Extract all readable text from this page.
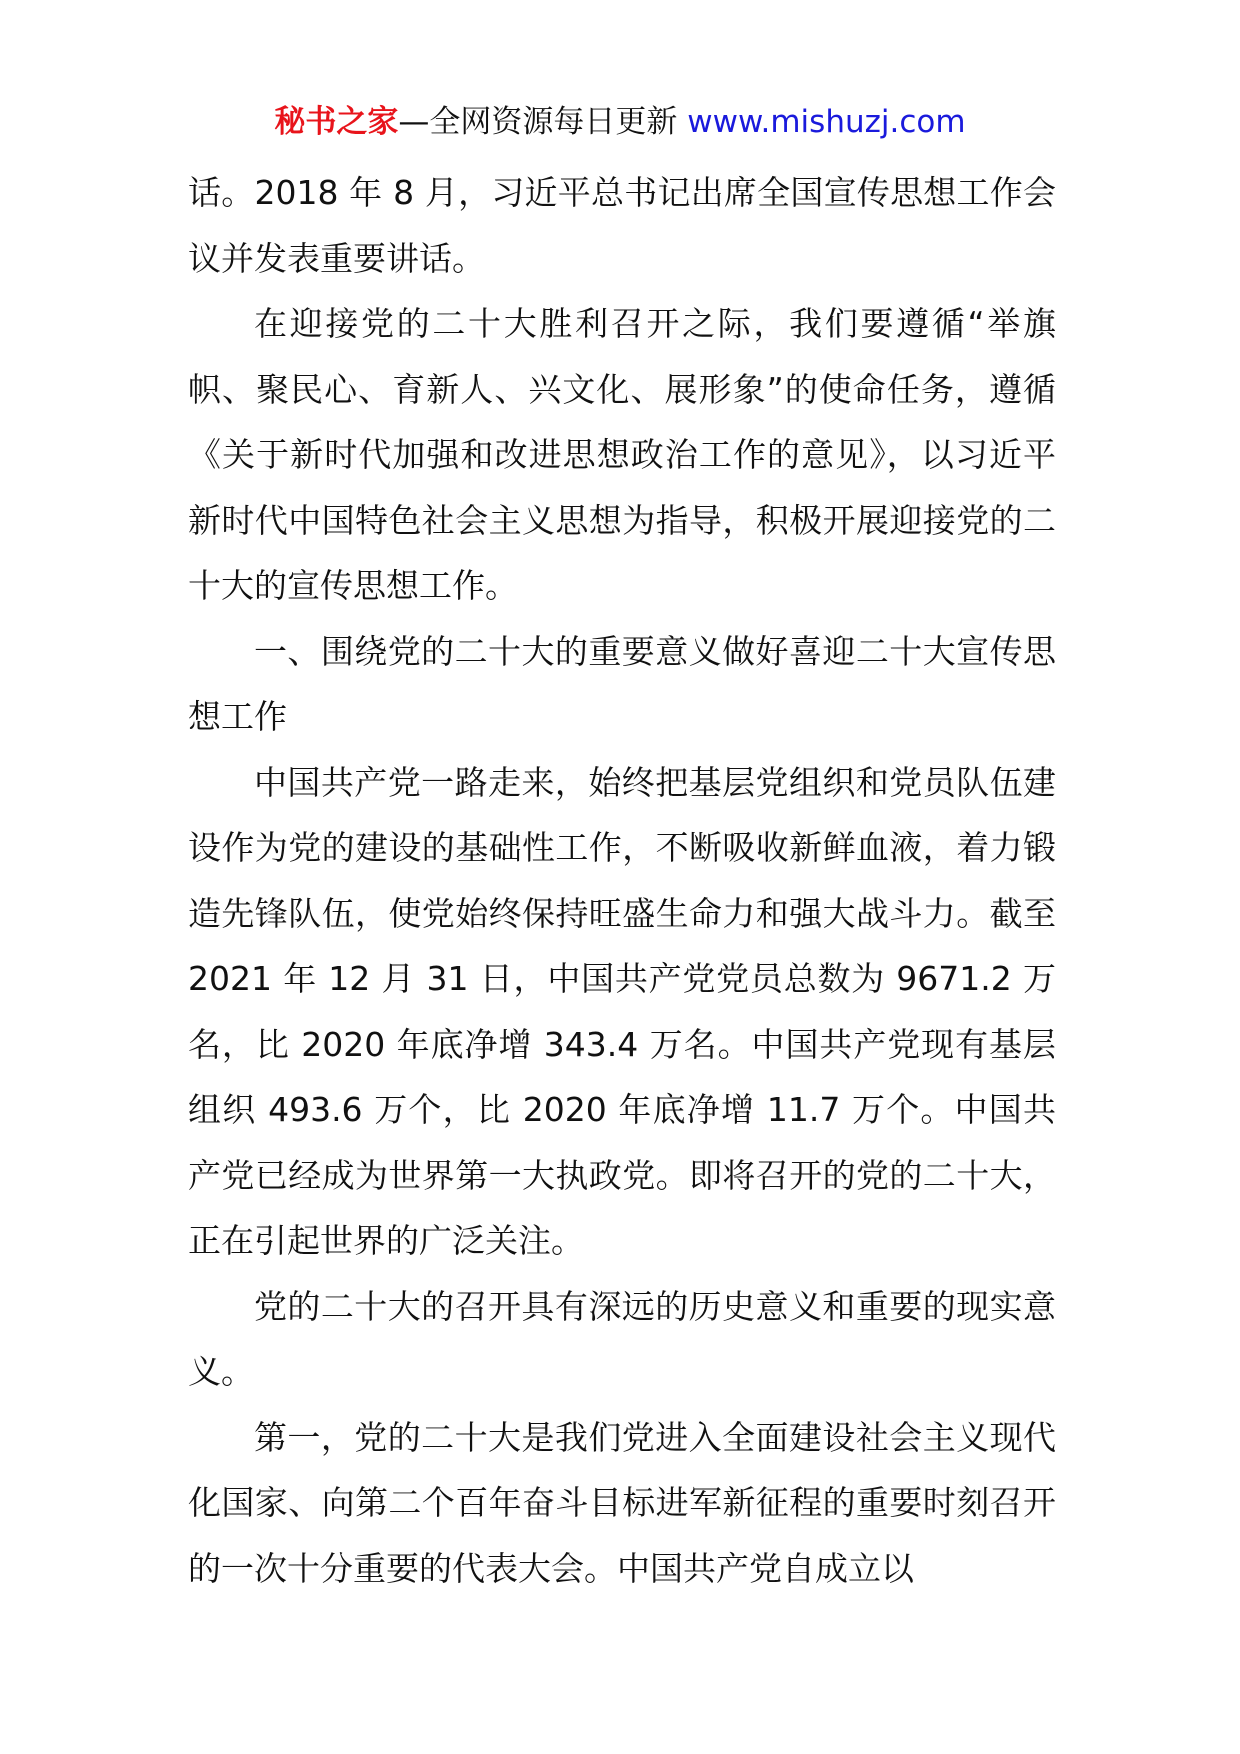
秘书之家—全网资源每日更新 www.mishuzj.com

话。2018 年 8 月，习近平总书记出席全国宣传思想工作会议并发表重要讲话。

在迎接党的二十大胜利召开之际，我们要遵循“举旗帜、聚民心、育新人、兴文化、展形象”的使命任务，遵循《关于新时代加强和改进思想政治工作的意见》，以习近平新时代中国特色社会主义思想为指导，积极开展迎接党的二十大的宣传思想工作。

一、围绕党的二十大的重要意义做好喜迎二十大宣传思想工作

中国共产党一路走来，始终把基层党组织和党员队伍建设作为党的建设的基础性工作，不断吸收新鲜血液，着力锻造先锋队伍，使党始终保持旺盛生命力和强大战斗力。截至 2021 年 12 月 31 日，中国共产党党员总数为 9671.2 万名，比 2020 年底净增 343.4 万名。中国共产党现有基层组织 493.6 万个，比 2020 年底净增 11.7 万个。中国共产党已经成为世界第一大执政党。即将召开的党的二十大，正在引起世界的广泛关注。

党的二十大的召开具有深远的历史意义和重要的现实意义。

第一，党的二十大是我们党进入全面建设社会主义现代化国家、向第二个百年奋斗目标进军新征程的重要时刻召开的一次十分重要的代表大会。中国共产党自成立以
